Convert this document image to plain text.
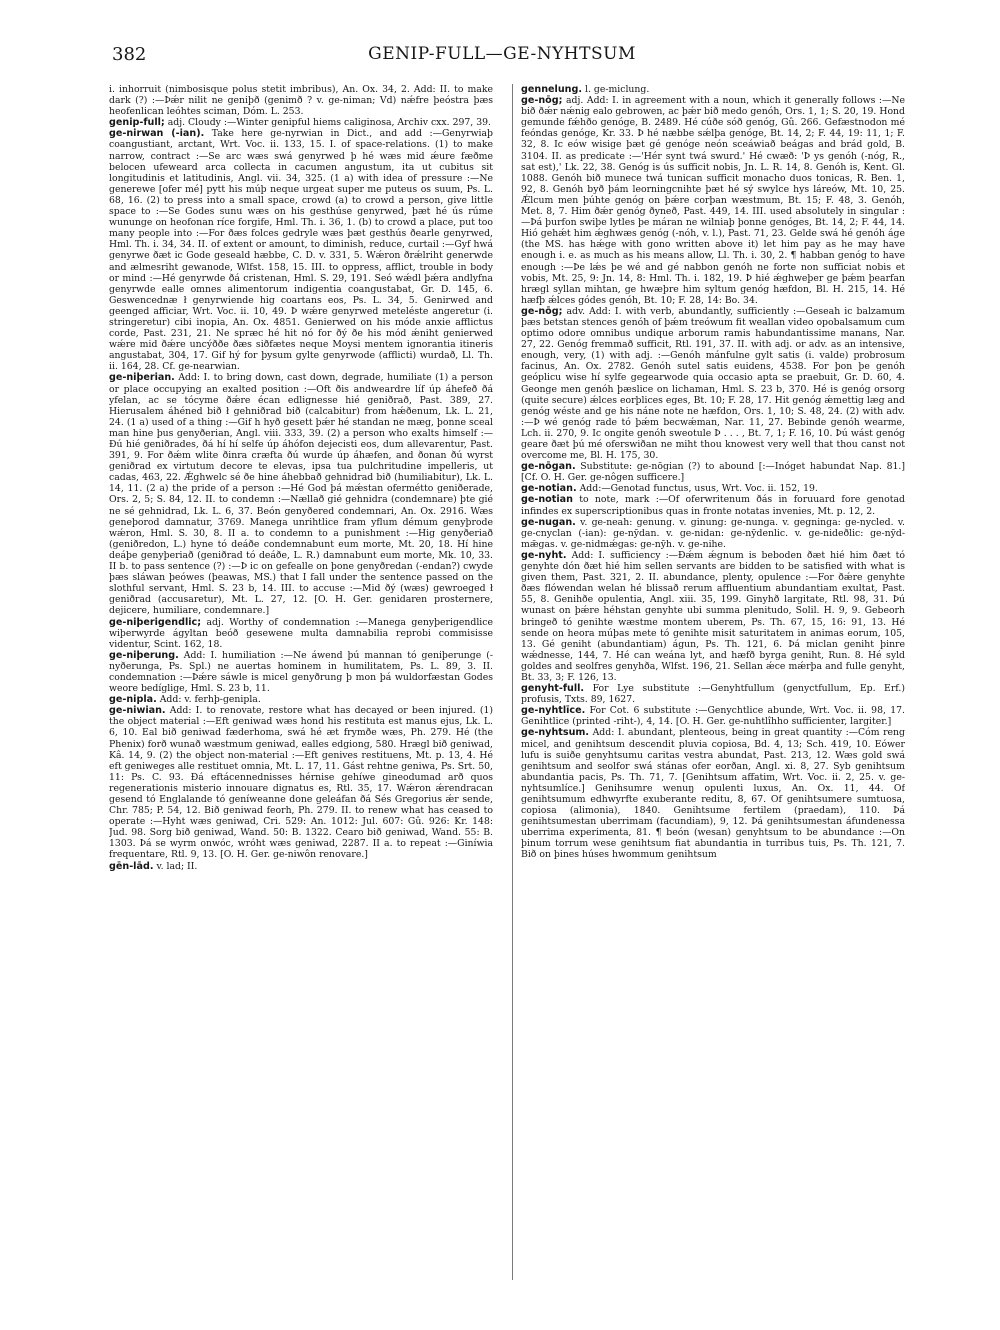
382	GENIP-FULL—GE-NYHTSUM

i. inhorruit (nimbosisque polus stetit imbribus), An. Ox. 34, 2. Add: II. to make dark (?) :—Þǽr nilit ne geniþð (genimð ? v. ge-niman; Vd) nǽfre þeóstra þæs heofenlican leóhtes sciman, Dóm. L. 253.

genip-full; adj. Cloudy :—Winter genipful hiems caliginosa, Archiv cxx. 297, 39.

ge-nirwan (-ian). Take here ge-nyrwian in Dict., and add :—Genyrwiaþ coangustiant, arctant, Wrt. Voc. ii. 133, 15. I. of space-relations. (1) to make narrow, contract :—Se arc wæs swá genyrwed þ hé wæs mid ǽure fæðme belocen ufeweard arca collecta in cacumen angustum, ita ut cubitus sit longitudinis et latitudinis, Angl. vii. 34, 325. (1 a) with idea of pressure :—Ne generewe [ofer mé] pytt his múþ neque urgeat super me puteus os suum, Ps. L. 68, 16. (2) to press into a small space, crowd (a) to crowd a person, give little space to :—Se Godes sunu wæs on his gesthúse genyrwed, þæt hé ús rúme wununge on heofonan ríce forgife, Hml. Th. i. 36, 1. (b) to crowd a place, put too many people into :—For ðæs folces gedryle wæs þæt gesthús ðearle genyrwed, Hml. Th. i. 34, 34. II. of extent or amount, to diminish, reduce, curtail :—Gyf hwá genyrwe ðæt ic Gode geseald hæbbe, C. D. v. 331, 5. Wǽron ðrǽlriht generwde and ælmesriht gewanode, Wlfst. 158, 15. III. to oppress, afflict, trouble in body or mind :—Hé genyrwde ðá cristenan, Hml. S. 29, 191. Seó wǽdl þǽra andlyfna genyrwde ealle omnes alimentorum indigentia coangustabat, Gr. D. 145, 6. Geswencednæ ł genyrwiende hig coartans eos, Ps. L. 34, 5. Genirwed and geenged afficiar, Wrt. Voc. ii. 10, 49. Þ wǽre genyrwed meteléste angeretur (i. stringeretur) cibi inopia, An. Ox. 4851. Genierwed on his móde anxie afflictus corde, Past. 231, 21. Ne spræc hé hit nó for ðý ðe his mód ǽniht genierwed wǽre mid ðǽre uncýððe ðæs siðfætes neque Moysi mentem ignorantia itineris angustabat, 304, 17. Gif hý for þysum gylte genyrwode (afflicti) wurdað, Ll. Th. ii. 164, 28. Cf. ge-nearwian.

ge-niþerian. Add: I. to bring down, cast down, degrade, humiliate (1) a person or place occupying an exalted position :—Oft ðis andweardre líf úp áhefeð ðá yfelan, ac se tócyme ðǽre écan edlignesse hié geniðrað, Past. 389, 27. Hierusalem áhéned bið ł gehniðrad bið (calcabitur) from hǽðenum, Lk. L. 21, 24. (1 a) used of a thing :—Gif h hyð gesett þǽr hé standan ne mæg, þonne sceal man hine þus genyðerian, Angl. viii. 333, 39. (2) a person who exalts himself :—Ðú hié geniðrades, ðá hí hí selfe úp áhófon dejecisti eos, dum allevarentur, Past. 391, 9. For ðǽm wlite ðinra cræfta ðú wurde úp áhæfen, and ðonan ðú wyrst geniðrad ex virtutum decore te elevas, ipsa tua pulchritudine impelleris, ut cadas, 463, 22. Ǽghwelc sé ðe hine áhebbað gehnidrad bið (humiliabitur), Lk. L. 14, 11. (2 a) the pride of a person :—Hé God þá mǽstan oferméttо geniðerade, Ors. 2, 5; S. 84, 12. II. to condemn :—Nællað gié gehnidra (condemnare) þte gié ne sé gehnidrad, Lk. L. 6, 37. Beón genyðered condemnari, An. Ox. 2916. Wæs geneþorod damnatur, 3769. Manega unrihtlice fram yflum démum genyþrode wǽron, Hml. S. 30, 8. II a. to condemn to a punishment :—Hig genyðeriað (geniðredon, L.) hyne tó deáðe condemnabunt eum morte, Mt. 20, 18. Hí hine deáþe genyþeriað (geniðrad tó deáðe, L. R.) damnabunt eum morte, Mk. 10, 33. II b. to pass sentence (?) :—Þ ic on gefealle on þone genyðredan (-endan?) cwyde þæs sláwan þeówes (þeawas, MS.) that I fall under the sentence passed on the slothful servant, Hml. S. 23 b, 14. III. to accuse :—Mid ðý (wæs) gewroeged ł geniðrad (accusaretur), Mt. L. 27, 12. [O. H. Ger. genidaren prosternere, dejicere, humiliare, condemnare.]

ge-niþerigendlic; adj. Worthy of condemnation :—Manega genyþerigendlice wiþerwyrde ágyltan beóð gesewene multa damnabilia reprobi commisisse videntur, Scint. 162, 18.

ge-niþerung. Add: I. humiliation :—Ne áwend þú mannan tó geniþerunge (-nyðerunga, Ps. Spl.) ne auertas hominem in humilitatem, Ps. L. 89, 3. II. condemnation :—Þǽre sáwle is micel genyðrung þ mon þá wuldorfæstan Godes weore bedíglige, Hml. S. 23 b, 11.

ge-nipla. Add: v. ferhþ-genipla.

ge-niwian. Add: I. to renovate, restore what has decayed or been injured. (1) the object material :—Eft geniwad wæs hond his restituta est manus ejus, Lk. L. 6, 10. Eal bið geniwad fæderhoma, swá hé æt frymðe wæs, Ph. 279. Hé (the Phenix) forð wunað wæstmum geniwad, ealles edgiong, 580. Hrægl bið geniwad, Kâ. 14, 9. (2) the object non-material :—Eft genives restituens, Mt. p. 13, 4. Hé eft geniweges alle restituet omnia, Mt. L. 17, 11. Gást rehtne geniwa, Ps. Srt. 50, 11: Ps. C. 93. Ðá eftácennednisses hérnise gehíwe gineodumad arð quos regenerationis misterio innouare dignatus es, Rtl. 35, 17. Wǽron ǽrendracan gesend tó Englalande tó geníweanne done geleáfan ðá Sés Gregorius ǽr sende, Chr. 785; P. 54, 12. Bið geniwad feorh, Ph. 279. II. to renew what has ceased to operate :—Hyht wæs geniwad, Cri. 529: An. 1012: Jul. 607: Gû. 926: Kr. 148: Jud. 98. Sorg bið geniwad, Wand. 50: B. 1322. Cearo bið geniwad, Wand. 55: B. 1303. Þá se wyrm onwóc, wróht wæs geniwad, 2287. II a. to repeat :—Giníwia frequentare, Rtl. 9, 13. [O. H. Ger. ge-niwôn renovare.]

gēn-lād. v. lad; II.

gennelung. l. ge-miclung.

ge-nōg; adj. Add: I. in agreement with a noun, which it generally follows :—Ne bið ðǽr nǽnig ealo gebrowen, ac þǽr bið medo genóh, Ors. 1, 1; S. 20, 19. Hond gemunde fǽhðo genóge, B. 2489. Hé cúðe sóð genóg, Gû. 266. Gefæstnodon mé feóndas genóge, Kr. 33. Þ hé næbbe sǽlþa genóge, Bt. 14, 2; F. 44, 19: 11, 1; F. 32, 8. Ic eów wisige þæt gé genóge neón sceáwiað beágas and brád gold, B. 3104. II. as predicate :—'Hér synt twá swurd.' Hé cwæð: 'Þ ys genóh (-nóg, R., sat est),' Lk. 22, 38. Genóg is ús sufficit nobis, Jn. L. R. 14, 8. Genóh is, Kent. Gl. 1088. Genóh bið munece twá tunican sufficit monacho duos tonicas, R. Ben. 1, 92, 8. Genóh byð þám leorningcnihte þæt hé sý swylce hys láreów, Mt. 10, 25. Ǽlcum men þúhte genóg on þǽre corþan wæstmum, Bt. 15; F. 48, 3. Genóh, Met. 8, 7. Him ðǽr genóg ðyneð, Past. 449, 14. III. used absolutely in singular :—Þá þurfon swiþe lytles þe máran ne wilniaþ þonne genóges, Bt. 14, 2; F. 44, 14. Hió gehǽt him ǽghwæs genóg (-nóh, v. l.), Past. 71, 23. Gelde swá hé genóh áge (the MS. has hǽge with gono written above it) let him pay as he may have enough i. e. as much as his means allow, Ll. Th. i. 30, 2. ¶ habban genóg to have enough :—Þe lǽs þe wé and gé nabbon genóh ne forte non sufficiat nobis et vobis, Mt. 25, 9: Jn. 14, 8: Hml. Th. i. 182, 19. Þ hié ǽghweþer ge þǽm þearfan hrægl syllan mihtan, ge hwæþre him syltum genóg hæfdon, Bl. H. 215, 14. Hé hæfþ ǽlces gódes genóh, Bt. 10; F. 28, 14: Bo. 34.

ge-nōg; adv. Add: I. with verb, abundantly, sufficiently :—Geseah ic balzamum þæs betstan stences genóh of þǽm treówum fit weallan video opobalsamum cum optimo odore omnibus undique arborum ramis habundantissime manans, Nar. 27, 22. Genóg fremmað sufficit, Rtl. 191, 37. II. with adj. or adv. as an intensive, enough, very, (1) with adj. :—Genóh mánfulne gylt satis (i. valde) probrosum facinus, An. Ox. 2782. Genóh sutel satis euidens, 4538. For þon þe genóh geóplicu wise hí sylfe gegearwode quia occasio apta se praebuit, Gr. D. 60, 4. Geonge men genóh þæslice on lichaman, Hml. S. 23 b, 370. Hé is genóg orsorg (quite secure) ǽlces eorþlices eges, Bt. 10; F. 28, 17. Hit genóg ǽmettig læg and genóg wéste and ge his náne note ne hæfdon, Ors. 1, 10; S. 48, 24. (2) with adv. :—Þ wé genóg rade tó þǽm becwǽman, Nar. 11, 27. Bebinde genóh wearme, Lch. ii. 270, 9. Ic ongite genóh sweotule Þ . . . , Bt. 7, 1; F. 16, 10. Þú wást genóg geare ðæt þú mé oferswiðan ne miht thou knowest very well that thou canst not overcome me, Bl. H. 175, 30.

ge-nōgan. Substitute: ge-nōgian (?) to abound [:—Inóget habundat Nap. 81.] [Cf. O. H. Ger. ge-nôgen sufficere.]

ge-notian. Add:—Genotad functus, usus, Wrt. Voc. ii. 152, 19.

ge-notian to note, mark :—Of oferwritenum ðás in foruuard fore genotad infindes ex superscriptionibus quas in fronte notatas invenies, Mt. p. 12, 2.

ge-nugan. v. ge-neah: genung. v. ginung: ge-nunga. v. gegninga: ge-nycled. v. ge-cnyclan (-ian): ge-nȳdan. v. ge-nidan: ge-nȳdenlic. v. ge-nideðlic: ge-nȳd-mǣgas. v. ge-nidmǽgas: ge-nȳh. v. ge-nihe.

ge-nyht. Add: I. sufficiency :—Ðǽm ǽgnum is beboden ðæt hié him ðæt tó genyhte dón ðæt hié him sellen servants are bidden to be satisfied with what is given them, Past. 321, 2. II. abundance, plenty, opulence :—For ðǽre genyhte ðæs flówendan welan hé blissað rerum affluentium abundantiam exultat, Past. 55, 8. Genihðe opulentia, Angl. xiii. 35, 199. Ginyhð largitate, Rtl. 98, 31. Þú wunast on þǽre héhstan genyhte ubi summa plenitudo, Solil. H. 9, 9. Gebeorh bringeð tó genihte wæstme montem uberem, Ps. Th. 67, 15, 16: 91, 13. Hé sende on heora múþas mete tó genihte misit saturitatem in animas eorum, 105, 13. Gé geniht (abundantiam) águn, Ps. Th. 121, 6. Þá miclan geniht þinre wǽdnesse, 144, 7. Hé can weána lyt, and hæfð byrga geniht, Run. 8. Hé syld goldes and seolfres genyhða, Wlfst. 196, 21. Sellan ǽce mǽrþa and fulle genyht, Bt. 33, 3; F. 126, 13.

genyht-full. For Lye substitute :—Genyhtfullum (genyctfullum, Ep. Erf.) profusis, Txts. 89, 1627.

ge-nyhtlīce. For Cot. 6 substitute :—Genychtlice abunde, Wrt. Voc. ii. 98, 17. Genihtlice (printed -riht-), 4, 14. [O. H. Ger. ge-nuhtlîhho sufficienter, largiter.]

ge-nyhtsum. Add: I. abundant, plenteous, being in great quantity :—Cóm reng micel, and genihtsum descendit pluvia copiosa, Bd. 4, 13; Sch. 419, 10. Eówer lufu is suiðe genyhtsumu caritas vestra abundat, Past. 213, 12. Wæs gold swá genihtsum and seolfor swá stánas ofer eorðan, Angl. xi. 8, 27. Syb genihtsum abundantia pacis, Ps. Th. 71, 7. [Genihtsum affatim, Wrt. Voc. ii. 2, 25. v. ge-nyhtsumlíce.] Genihsumre wenuŋ opulenti luxus, An. Ox. 11, 44. Of genihtsumum edhwyrfte exuberante reditu, 8, 67. Of genihtsumere sumtuosa, copiosa (alimonia), 1840. Genihtsume fertilem (praedam), 110. Þá genihtsumestan uberrimam (facundiam), 9, 12. Þá genihtsumestan áfundenessa uberrima experimenta, 81. ¶ beón (wesan) genyhtsum to be abundance :—On þinum torrum wese genihtsum fiat abundantia in turribus tuis, Ps. Th. 121, 7. Bið on þines húses hwommum genihtsum
